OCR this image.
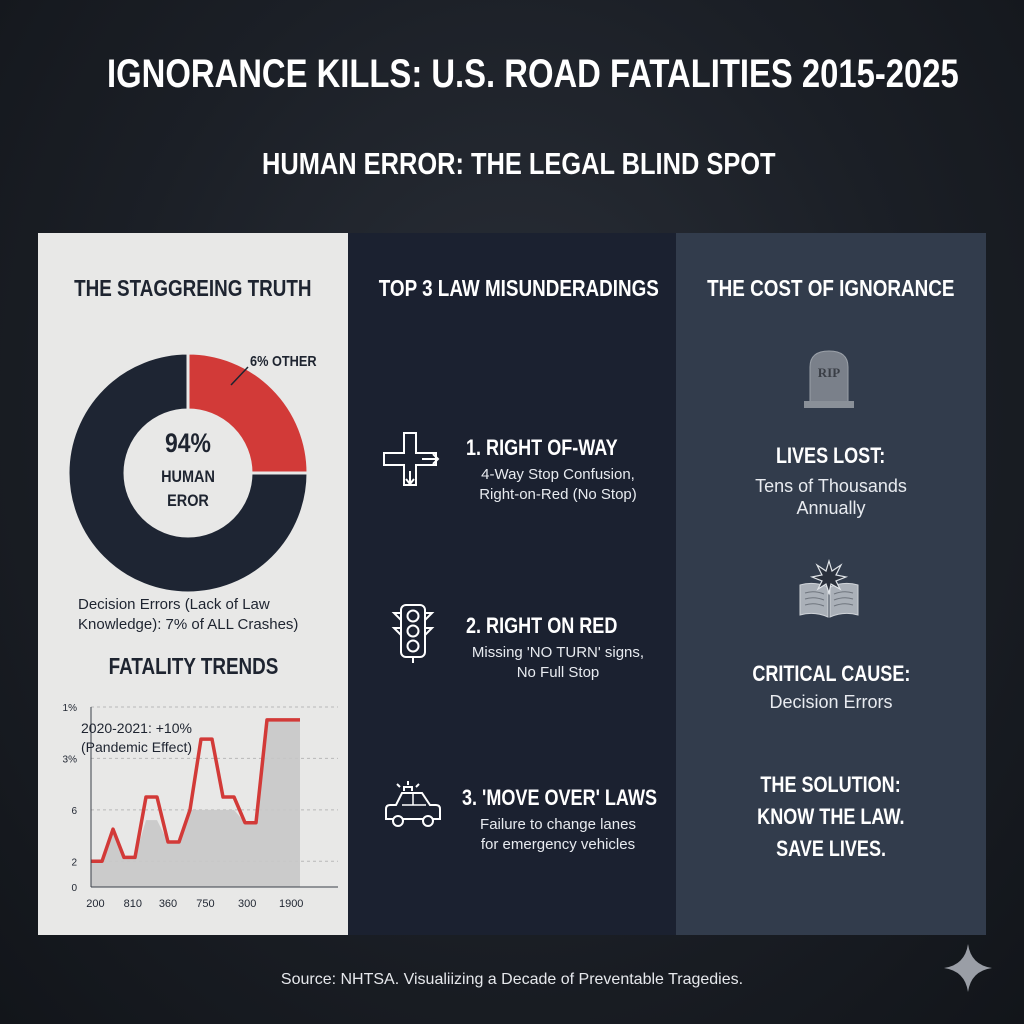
IGNORANCE KILLS: U.S. ROAD FATALITIES 2015-2025
HUMAN ERROR: THE LEGAL BLIND SPOT
THE STAGGREING TRUTH
94%
HUMAN
EROR
6% OTHER
Decision Errors (Lack of Law Knowledge): 7% of ALL Crashes)
FATALITY TRENDS
0
2
6
3%
1%
200 810 360 750 300 1900
2020-2021: +10%
(Pandemic Effect)
TOP 3 LAW MISUNDERADINGS
1. RIGHT OF-WAY
4-Way Stop Confusion,
Right-on-Red (No Stop)
2. RIGHT ON RED
Missing 'NO TURN' signs,
No Full Stop
3. 'MOVE OVER' LAWS
Failure to change lanes
for emergency vehicles
THE COST OF IGNORANCE
RIP
LIVES LOST:
Tens of Thousands
Annually
CRITICAL CAUSE:
Decision Errors
THE SOLUTION:
KNOW THE LAW.
SAVE LIVES.
Source: NHTSA. Visualiizing a Decade of Preventable Tragedies.
